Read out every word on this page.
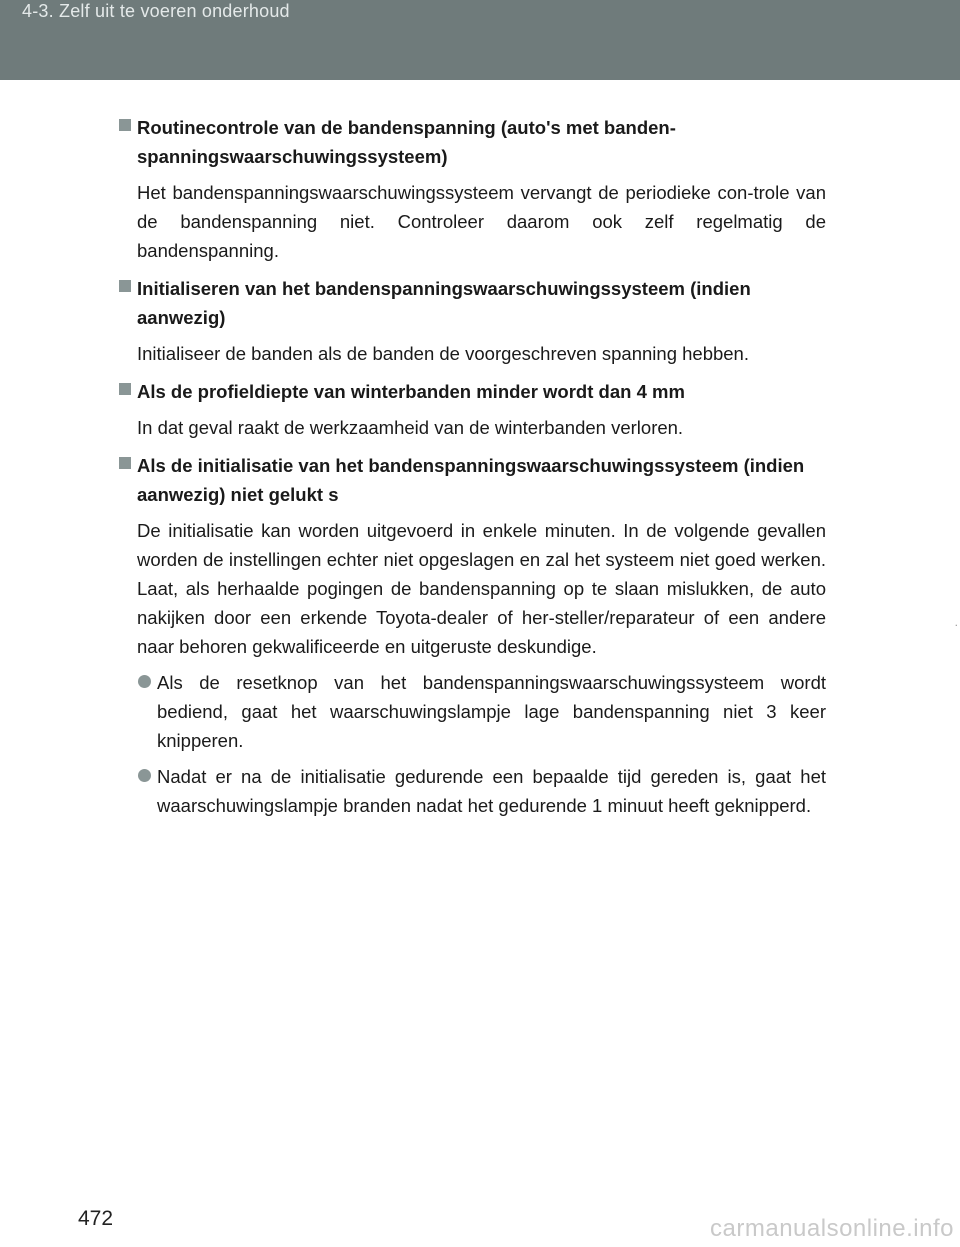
4-3. Zelf uit te voeren onderhoud

Routinecontrole van de bandenspanning (auto's met banden-spanningswaarschuwingssysteem)

Het bandenspanningswaarschuwingssysteem vervangt de periodieke con-trole van de bandenspanning niet. Controleer daarom ook zelf regelmatig de bandenspanning.

Initialiseren van het bandenspanningswaarschuwingssysteem (indien aanwezig)

Initialiseer de banden als de banden de voorgeschreven spanning hebben.

Als de profieldiepte van winterbanden minder wordt dan 4 mm

In dat geval raakt de werkzaamheid van de winterbanden verloren.

Als de initialisatie van het bandenspanningswaarschuwingssysteem (indien aanwezig) niet gelukt s

De initialisatie kan worden uitgevoerd in enkele minuten. In de volgende gevallen worden de instellingen echter niet opgeslagen en zal het systeem niet goed werken. Laat, als herhaalde pogingen de bandenspanning op te slaan mislukken, de auto nakijken door een erkende Toyota-dealer of her-steller/reparateur of een andere naar behoren gekwalificeerde en uitgeruste deskundige.

Als de resetknop van het bandenspanningswaarschuwingssysteem wordt bediend, gaat het waarschuwingslampje lage bandenspanning niet 3 keer knipperen.

Nadat er na de initialisatie gedurende een bepaalde tijd gereden is, gaat het waarschuwingslampje branden nadat het gedurende 1 minuut heeft geknipperd.

.
472	carmanualsonline.info
